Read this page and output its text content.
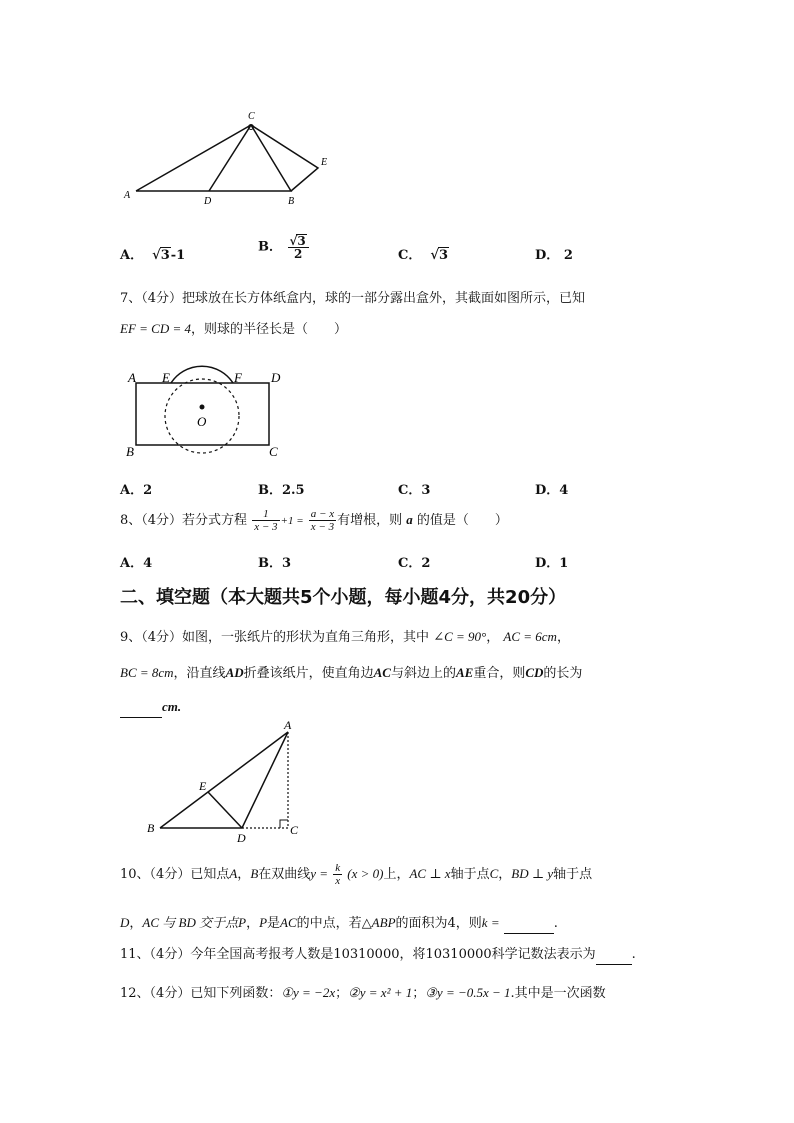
A
C
E
D	B
A．  √3-1
B． $\frac{√3}{2}$	C．  √3	D． 2
7、（4分）把球放在长方体纸盒内，球的一部分露出盒外，其截面如图所示，已知
EF = CD = 4，则球的半径长是（　　）
A E	F D
O
B	C
A．2	B．2.5	C．3	D．4
8、（4分）若分式方程 $\frac{1}{x - 3} +1 = \frac{a - x}{x - 3}$ 有增根，则 a 的值是（　　）
A．4	B．3	C．2	D．1
二、填空题（本大题共5个小题，每小题4分，共20分）
9、（4分）如图，一张纸片的形状为直角三角形，其中 ∠C = 90°， AC = 6cm，
BC = 8cm，沿直线AD折叠该纸片，使直角边AC与斜边上的AE重合，则CD的长为
cm.
A
E
B
D
C
10、（4分）已知点A，B在双曲线$y = \frac{k}{x} (x > 0)$上，AC ⊥ x轴于点C，BD ⊥ y轴于点
D，AC 与 BD 交于点P，P是AC的中点，若△ABP的面积为4，则k =	.
11、（4分）今年全国高考报考人数是10310000，将10310000科学记数法表示为	.
12、（4分）已知下列函数：①y = −2x；②y = x² + 1；③y = −0.5x − 1.其中是一次函数
